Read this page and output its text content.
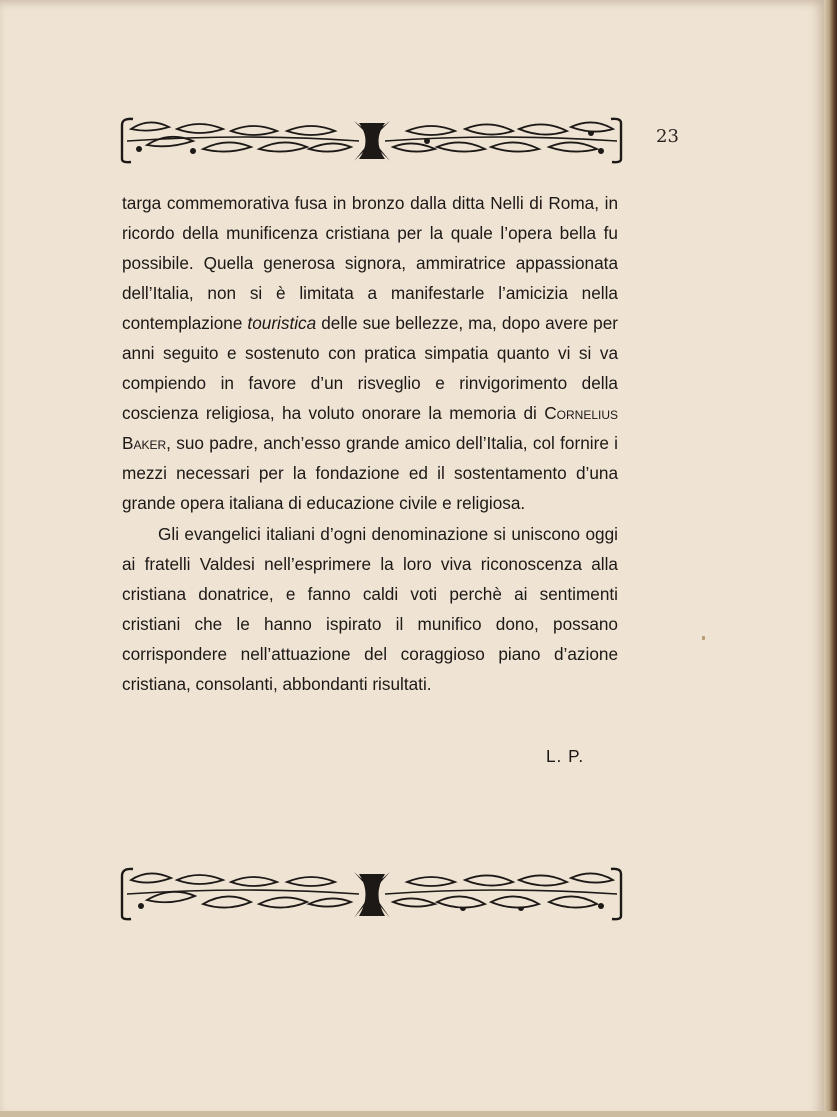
23

targa commemorativa fusa in bronzo dalla ditta Nelli di Roma, in ricordo della munificenza cristiana per la quale l’opera bella fu possibile. Quella generosa signora, ammiratrice appassionata dell’Italia, non si è limitata a manifestarle l’amicizia nella contemplazione touristica delle sue bellezze, ma, dopo avere per anni seguito e sostenuto con pratica simpatia quanto vi si va compiendo in favore d’un risveglio e rinvigorimento della coscienza religiosa, ha voluto onorare la memoria di Cornelius Baker, suo padre, anch’esso grande amico dell’Italia, col fornire i mezzi necessari per la fondazione ed il sostentamento d’una grande opera italiana di educazione civile e religiosa.

Gli evangelici italiani d’ogni denominazione si uniscono oggi ai fratelli Valdesi nell’esprimere la loro viva riconoscenza alla cristiana donatrice, e fanno caldi voti perchè ai sentimenti cristiani che le hanno ispirato il munifico dono, possano corrispondere nell’attuazione del coraggioso piano d’azione cristiana, consolanti, abbondanti risultati.

L. P.
